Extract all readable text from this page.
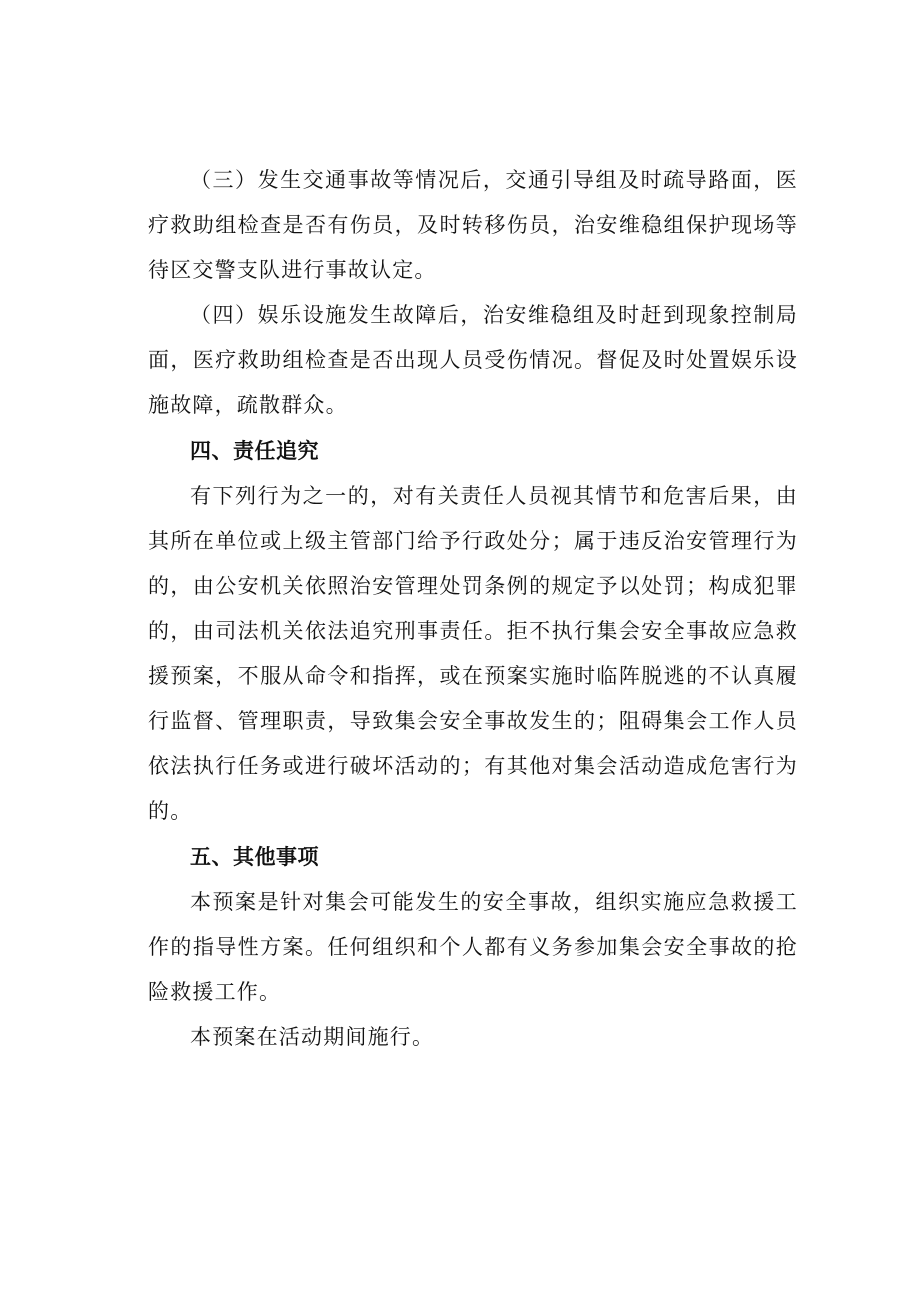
（三）发生交通事故等情况后，交通引导组及时疏导路面，医疗救助组检查是否有伤员，及时转移伤员，治安维稳组保护现场等待区交警支队进行事故认定。

（四）娱乐设施发生故障后，治安维稳组及时赶到现象控制局面，医疗救助组检查是否出现人员受伤情况。督促及时处置娱乐设施故障，疏散群众。

四、责任追究

有下列行为之一的，对有关责任人员视其情节和危害后果，由其所在单位或上级主管部门给予行政处分；属于违反治安管理行为的，由公安机关依照治安管理处罚条例的规定予以处罚；构成犯罪的，由司法机关依法追究刑事责任。拒不执行集会安全事故应急救援预案，不服从命令和指挥，或在预案实施时临阵脱逃的不认真履行监督、管理职责，导致集会安全事故发生的；阻碍集会工作人员依法执行任务或进行破坏活动的；有其他对集会活动造成危害行为的。

五、其他事项

本预案是针对集会可能发生的安全事故，组织实施应急救援工作的指导性方案。任何组织和个人都有义务参加集会安全事故的抢险救援工作。

本预案在活动期间施行。
